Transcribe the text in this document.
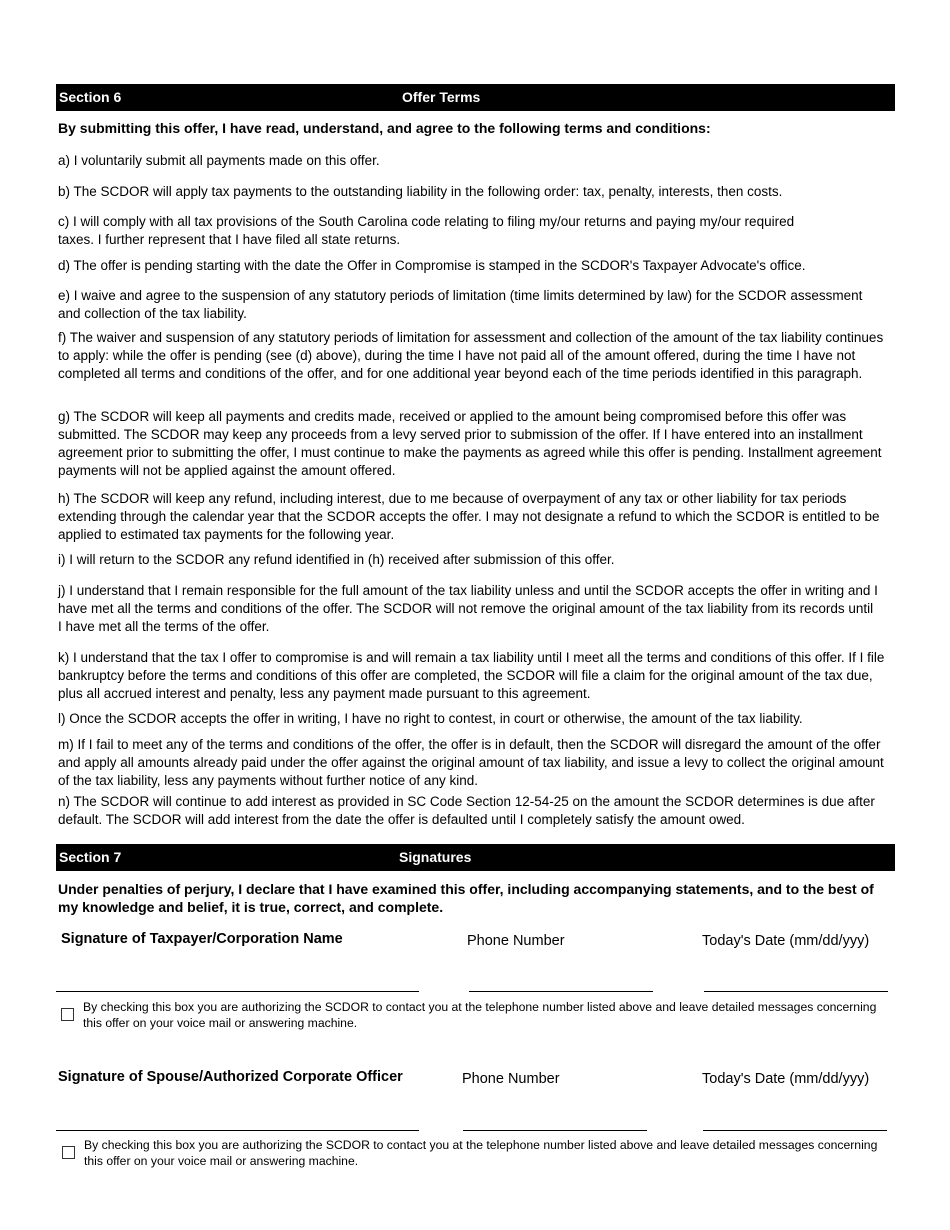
Section 6	Offer Terms

By submitting this offer, I have read, understand, and agree to the following terms and conditions:

a) I voluntarily submit all payments made on this offer.

b) The SCDOR will apply tax payments to the outstanding liability in the following order: tax, penalty, interests, then costs.

c) I will comply with all tax provisions of the South Carolina code relating to filing my/our returns and paying my/our required taxes. I further represent that I have filed all state returns.

d) The offer is pending starting with the date the Offer in Compromise is stamped in the SCDOR's Taxpayer Advocate's office.

e) I waive and agree to the suspension of any statutory periods of limitation (time limits determined by law) for the SCDOR assessment and collection of the tax liability.

f) The waiver and suspension of any statutory periods of limitation for assessment and collection of the amount of the tax liability continues to apply: while the offer is pending (see (d) above), during the time I have not paid all of the amount offered, during the time I have not completed all terms and conditions of the offer, and for one additional year beyond each of the time periods identified in this paragraph.

g) The SCDOR will keep all payments and credits made, received or applied to the amount being compromised before this offer was submitted. The SCDOR may keep any proceeds from a levy served prior to submission of the offer. If I have entered into an installment agreement prior to submitting the offer, I must continue to make the payments as agreed while this offer is pending. Installment agreement payments will not be applied against the amount offered.

h) The SCDOR will keep any refund, including interest, due to me because of overpayment of any tax or other liability for tax periods extending through the calendar year that the SCDOR accepts the offer. I may not designate a refund to which the SCDOR is entitled to be applied to estimated tax payments for the following year.

i) I will return to the SCDOR any refund identified in (h) received after submission of this offer.

j) I understand that I remain responsible for the full amount of the tax liability unless and until the SCDOR accepts the offer in writing and I have met all the terms and conditions of the offer. The SCDOR will not remove the original amount of the tax liability from its records until I have met all the terms of the offer.

k) I understand that the tax I offer to compromise is and will remain a tax liability until I meet all the terms and conditions of this offer. If I file bankruptcy before the terms and conditions of this offer are completed, the SCDOR will file a claim for the original amount of the tax due, plus all accrued interest and penalty, less any payment made pursuant to this agreement.

l) Once the SCDOR accepts the offer in writing, I have no right to contest, in court or otherwise, the amount of the tax liability.

m) If I fail to meet any of the terms and conditions of the offer, the offer is in default, then the SCDOR will disregard the amount of the offer and apply all amounts already paid under the offer against the original amount of tax liability, and issue a levy to collect the original amount of the tax liability, less any payments without further notice of any kind.

n) The SCDOR will continue to add interest as provided in SC Code Section 12-54-25 on the amount the SCDOR determines is due after default. The SCDOR will add interest from the date the offer is defaulted until I completely satisfy the amount owed.

Section 7	Signatures

Under penalties of perjury, I declare that I have examined this offer, including accompanying statements, and to the best of my knowledge and belief, it is true, correct, and complete.

Signature of Taxpayer/Corporation Name	Phone Number	Today's Date (mm/dd/yyy)
By checking this box you are authorizing the SCDOR to contact you at the telephone number listed above and leave detailed messages concerning this offer on your voice mail or answering machine.
Signature of Spouse/Authorized Corporate Officer	Phone Number	Today's Date (mm/dd/yyy)
By checking this box you are authorizing the SCDOR to contact you at the telephone number listed above and leave detailed messages concerning this offer on your voice mail or answering machine.
